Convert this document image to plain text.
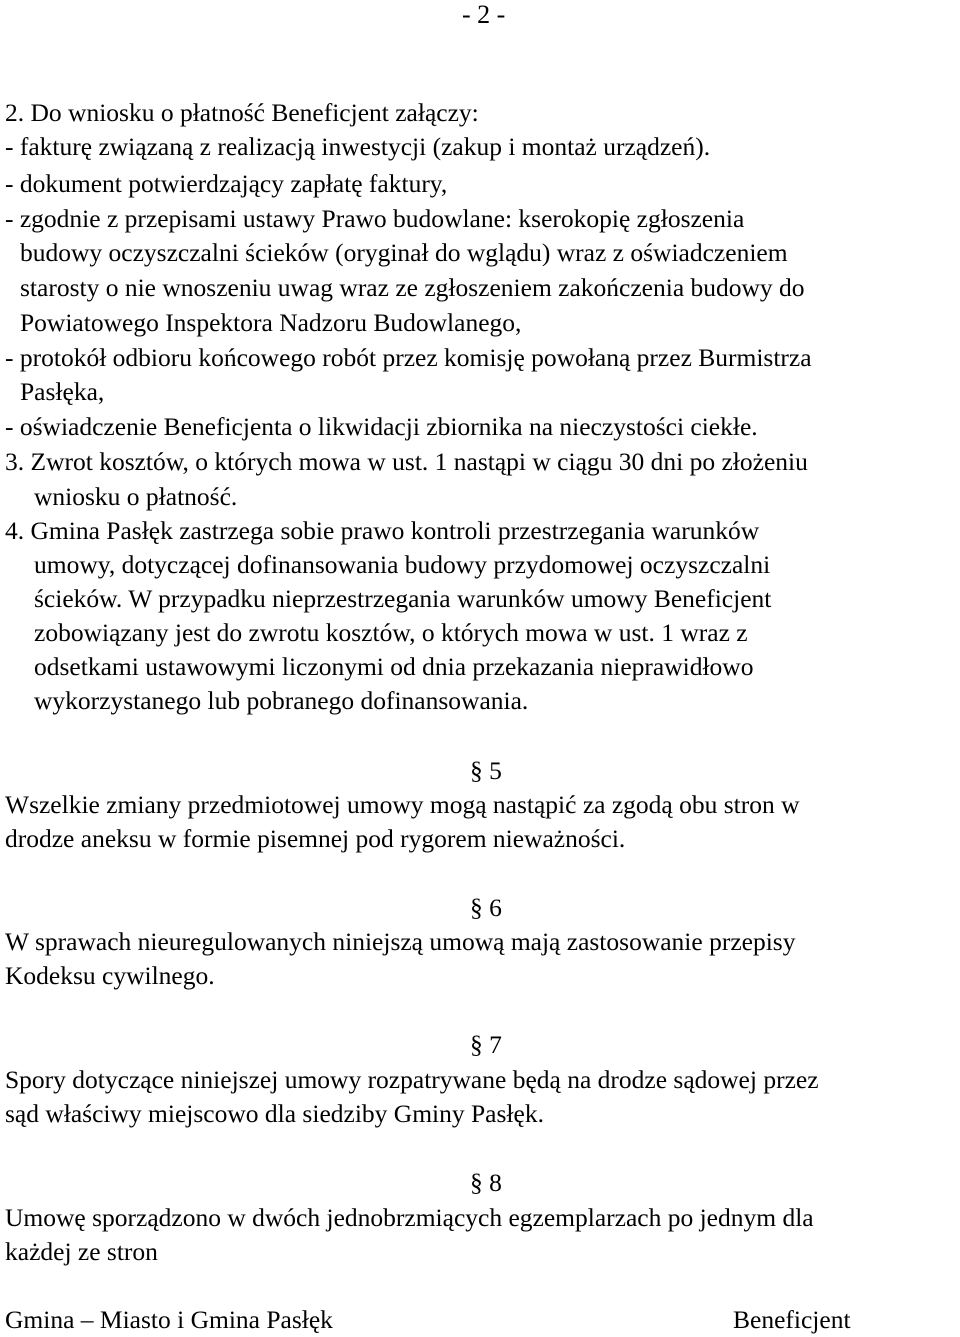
- 2 -
2. Do wniosku o płatność Beneficjent załączy:
- fakturę związaną z realizacją inwestycji (zakup i montaż urządzeń).
- dokument potwierdzający zapłatę faktury,
- zgodnie z przepisami ustawy Prawo budowlane: kserokopię zgłoszenia
budowy oczyszczalni ścieków (oryginał do wglądu) wraz z oświadczeniem
starosty o nie wnoszeniu uwag wraz ze zgłoszeniem zakończenia budowy do
Powiatowego Inspektora Nadzoru Budowlanego,
- protokół odbioru końcowego robót przez komisję powołaną przez Burmistrza
Pasłęka,
- oświadczenie Beneficjenta o likwidacji zbiornika na nieczystości ciekłe.
3. Zwrot kosztów, o których mowa w ust. 1 nastąpi w ciągu 30 dni po złożeniu
wniosku o płatność.
4. Gmina Pasłęk zastrzega sobie prawo kontroli przestrzegania warunków
umowy, dotyczącej dofinansowania budowy przydomowej oczyszczalni
ścieków. W przypadku nieprzestrzegania warunków umowy Beneficjent
zobowiązany jest do zwrotu kosztów, o których mowa w ust. 1 wraz z
odsetkami ustawowymi liczonymi od dnia przekazania nieprawidłowo
wykorzystanego lub pobranego dofinansowania.
§ 5
Wszelkie zmiany przedmiotowej umowy mogą nastąpić za zgodą obu stron w
drodze aneksu w formie pisemnej pod rygorem nieważności.
§ 6
W sprawach nieuregulowanych niniejszą umową mają zastosowanie przepisy
Kodeksu cywilnego.
§ 7
Spory dotyczące niniejszej umowy rozpatrywane będą na drodze sądowej przez
sąd właściwy miejscowo dla siedziby Gminy Pasłęk.
§ 8
Umowę sporządzono w dwóch jednobrzmiących egzemplarzach po jednym dla
każdej ze stron
Gmina – Miasto i Gmina Pasłęk	Beneficjent
